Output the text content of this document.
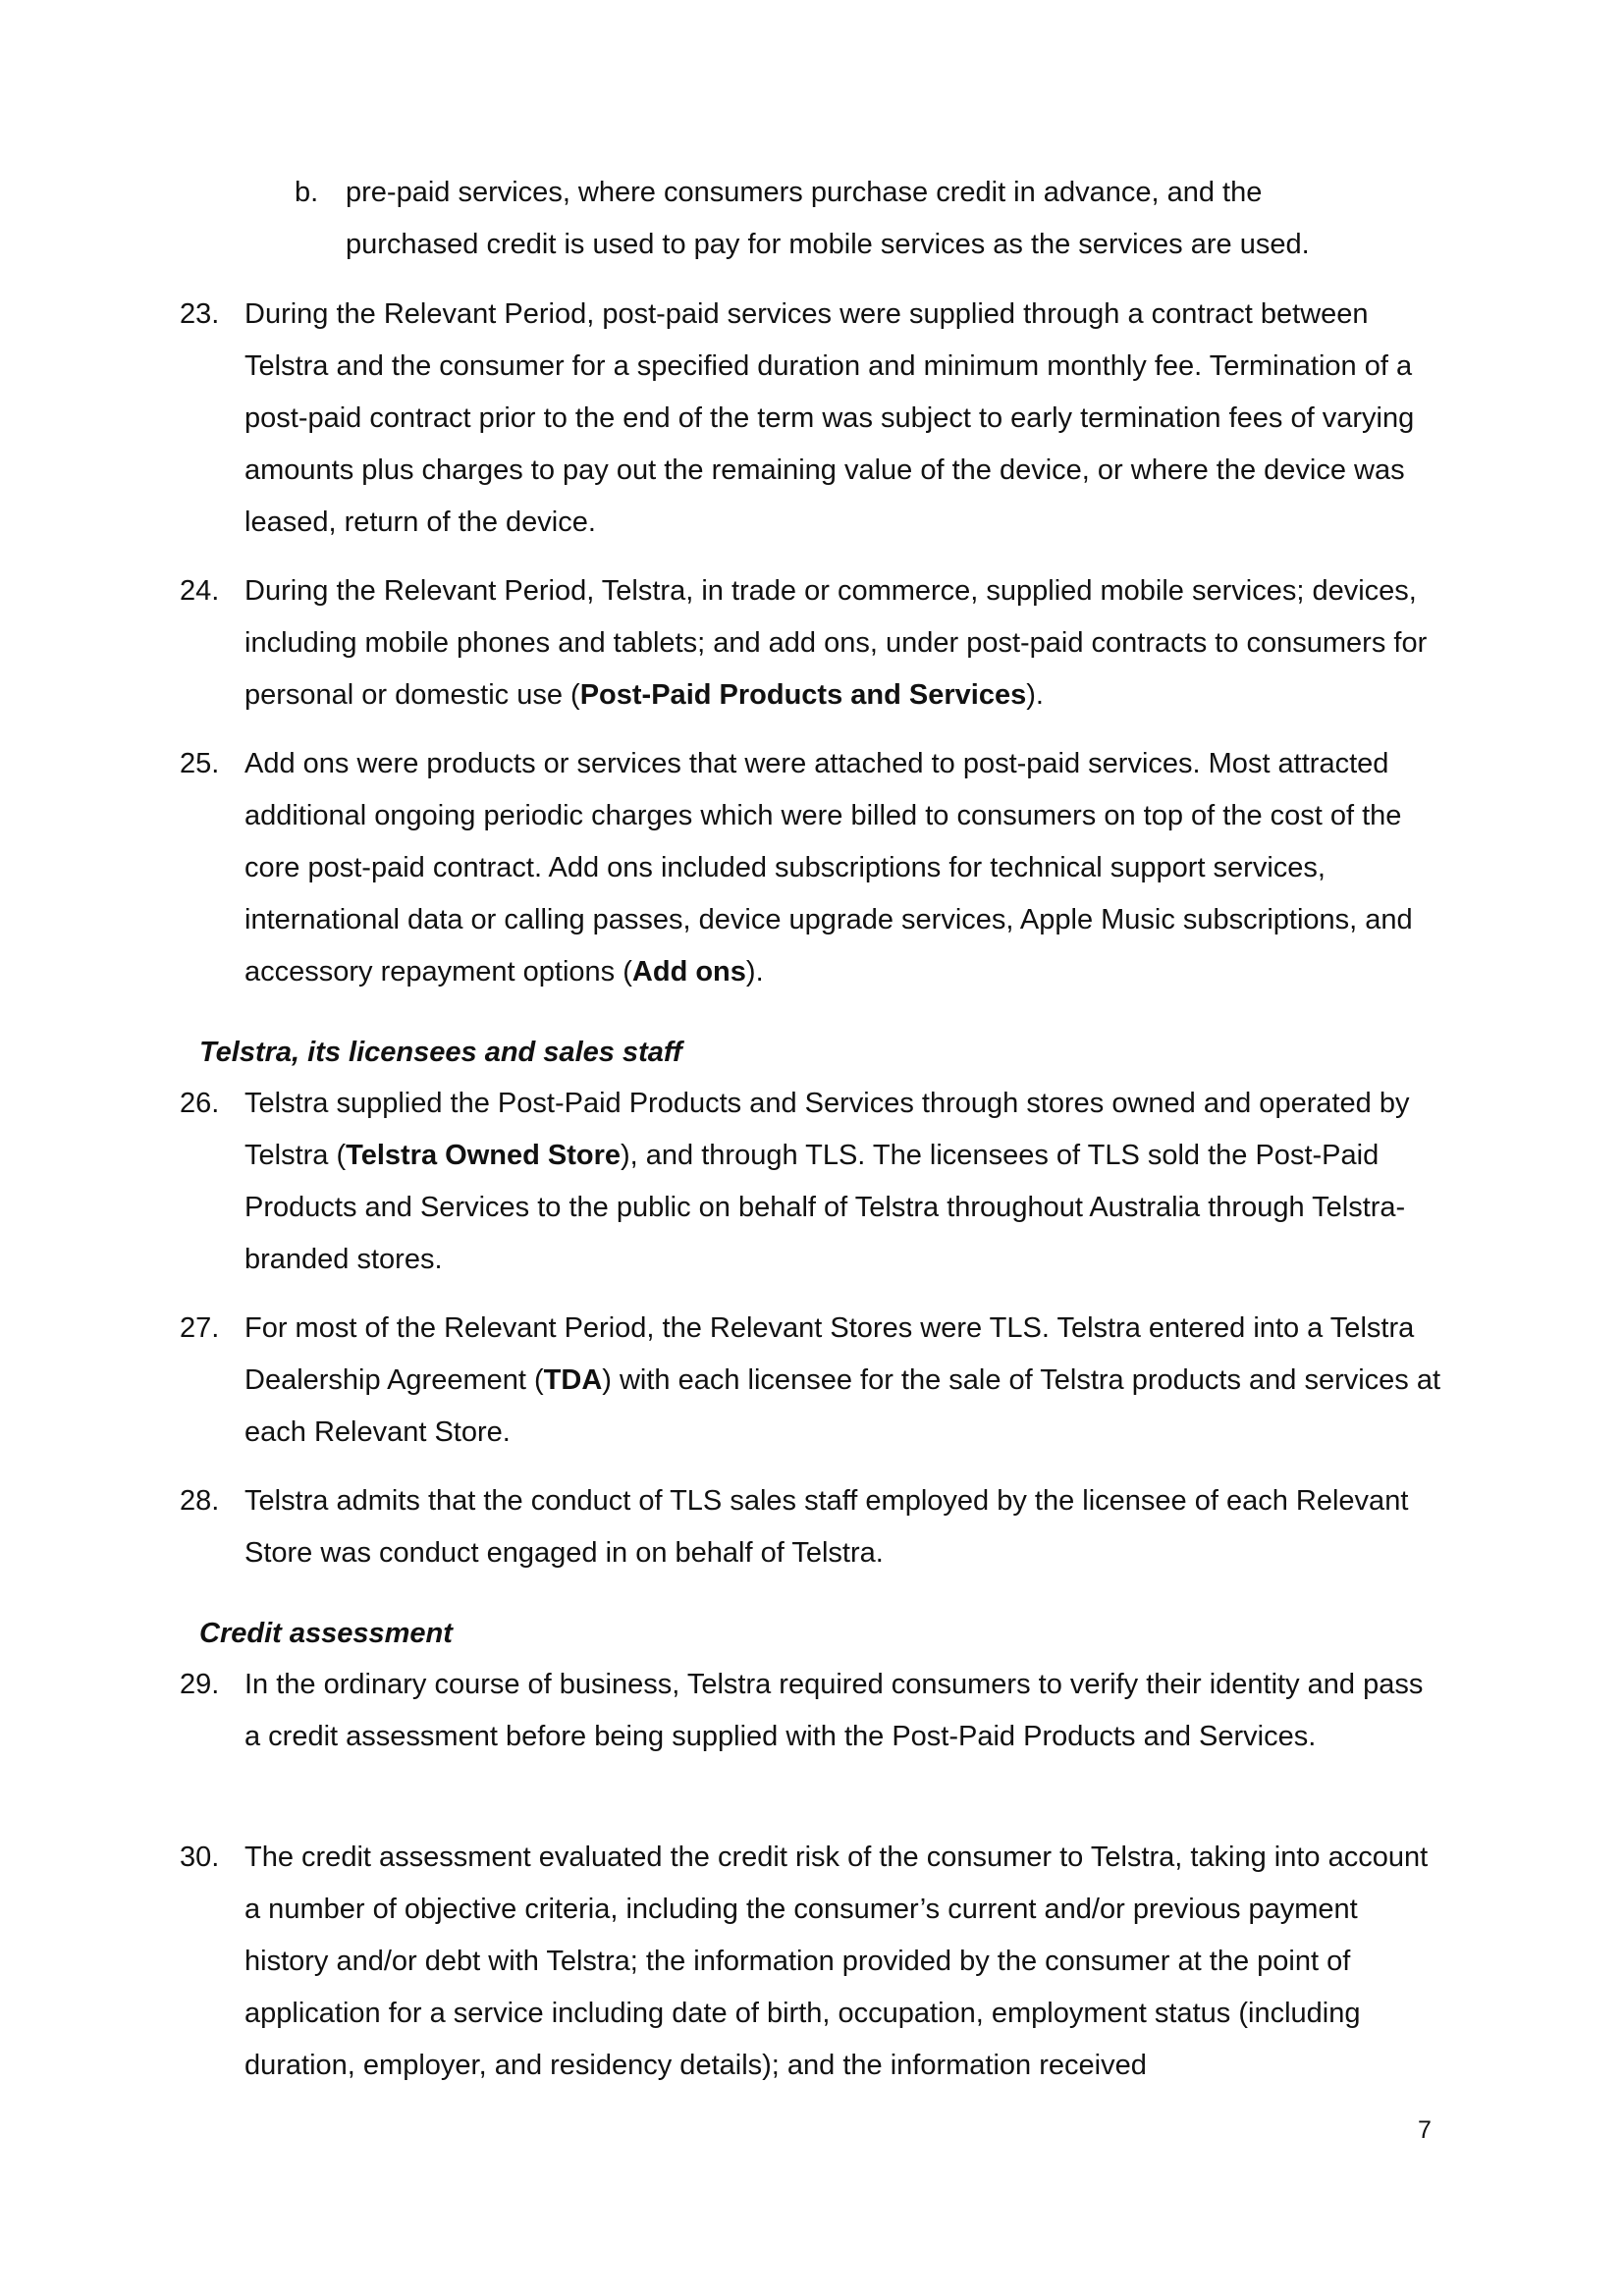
b. pre-paid services, where consumers purchase credit in advance, and the purchased credit is used to pay for mobile services as the services are used.
23. During the Relevant Period, post-paid services were supplied through a contract between Telstra and the consumer for a specified duration and minimum monthly fee. Termination of a post-paid contract prior to the end of the term was subject to early termination fees of varying amounts plus charges to pay out the remaining value of the device, or where the device was leased, return of the device.
24. During the Relevant Period, Telstra, in trade or commerce, supplied mobile services; devices, including mobile phones and tablets; and add ons, under post-paid contracts to consumers for personal or domestic use (Post-Paid Products and Services).
25. Add ons were products or services that were attached to post-paid services. Most attracted additional ongoing periodic charges which were billed to consumers on top of the cost of the core post-paid contract. Add ons included subscriptions for technical support services, international data or calling passes, device upgrade services, Apple Music subscriptions, and accessory repayment options (Add ons).
Telstra, its licensees and sales staff
26. Telstra supplied the Post-Paid Products and Services through stores owned and operated by Telstra (Telstra Owned Store), and through TLS. The licensees of TLS sold the Post-Paid Products and Services to the public on behalf of Telstra throughout Australia through Telstra-branded stores.
27. For most of the Relevant Period, the Relevant Stores were TLS. Telstra entered into a Telstra Dealership Agreement (TDA) with each licensee for the sale of Telstra products and services at each Relevant Store.
28. Telstra admits that the conduct of TLS sales staff employed by the licensee of each Relevant Store was conduct engaged in on behalf of Telstra.
Credit assessment
29. In the ordinary course of business, Telstra required consumers to verify their identity and pass a credit assessment before being supplied with the Post-Paid Products and Services.
30. The credit assessment evaluated the credit risk of the consumer to Telstra, taking into account a number of objective criteria, including the consumer’s current and/or previous payment history and/or debt with Telstra; the information provided by the consumer at the point of application for a service including date of birth, occupation, employment status (including duration, employer, and residency details); and the information received
7
